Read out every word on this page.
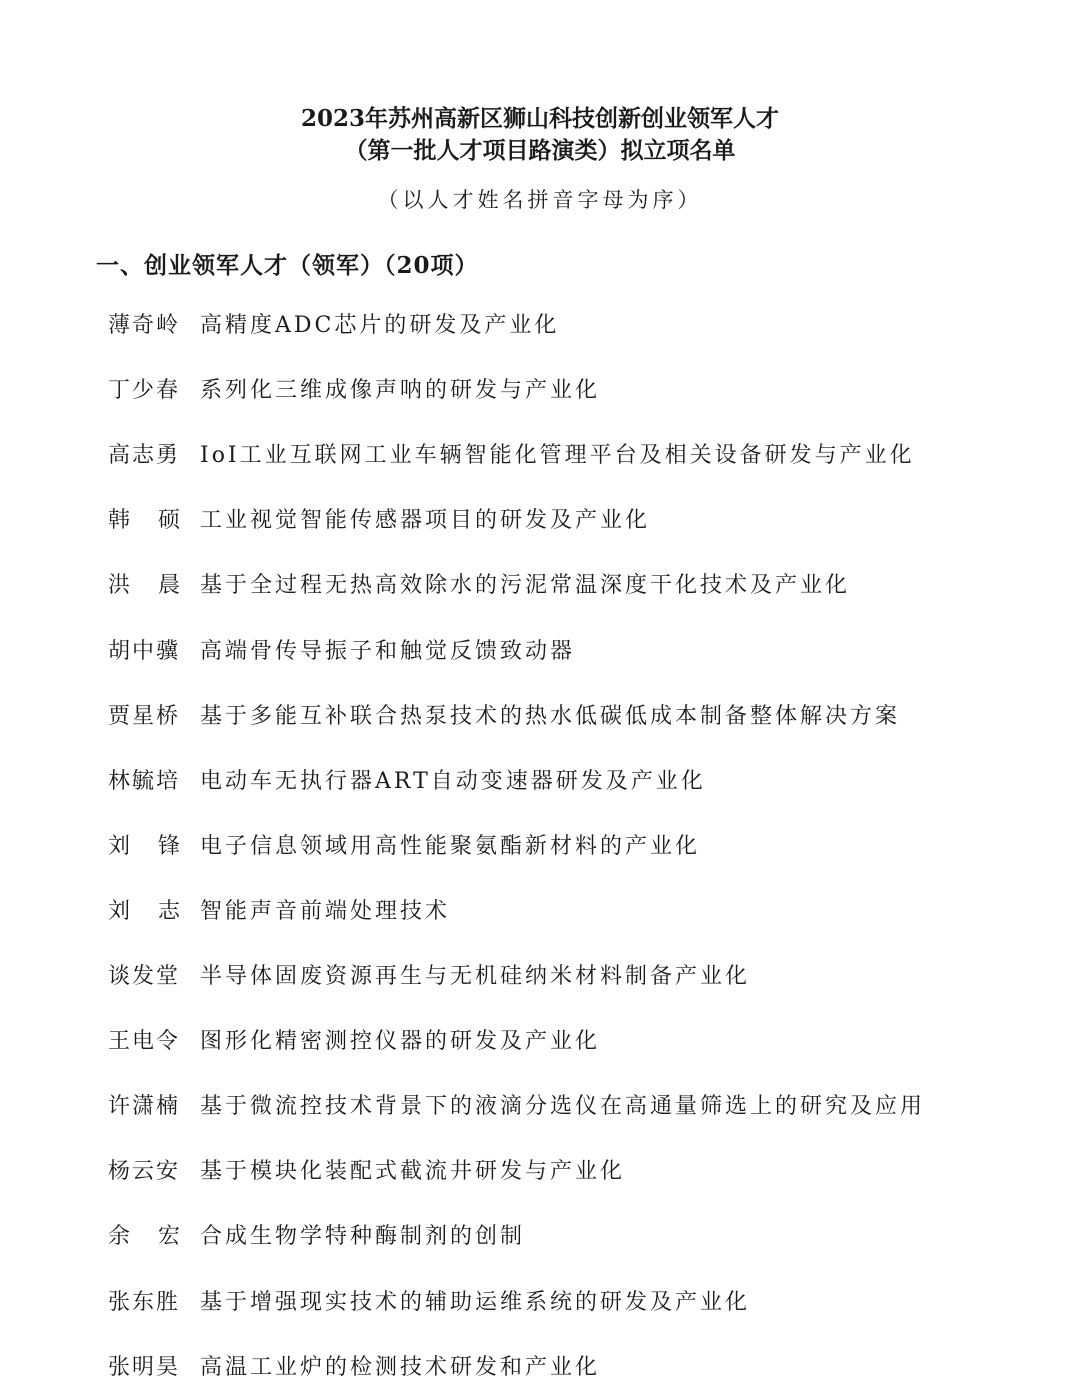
2023年苏州高新区狮山科技创新创业领军人才
（第一批人才项目路演类）拟立项名单
（以人才姓名拼音字母为序）
一、创业领军人才（领军）（20项）
薄奇岭 高精度ADC芯片的研发及产业化
丁少春 系列化三维成像声呐的研发与产业化
高志勇 IoI工业互联网工业车辆智能化管理平台及相关设备研发与产业化
韩 硕 工业视觉智能传感器项目的研发及产业化
洪 晨 基于全过程无热高效除水的污泥常温深度干化技术及产业化
胡中骥 高端骨传导振子和触觉反馈致动器
贾星桥 基于多能互补联合热泵技术的热水低碳低成本制备整体解决方案
林毓培 电动车无执行器ART自动变速器研发及产业化
刘 锋 电子信息领域用高性能聚氨酯新材料的产业化
刘 志 智能声音前端处理技术
谈发堂 半导体固废资源再生与无机硅纳米材料制备产业化
王电令 图形化精密测控仪器的研发及产业化
许潇楠 基于微流控技术背景下的液滴分选仪在高通量筛选上的研究及应用
杨云安 基于模块化装配式截流井研发与产业化
余 宏 合成生物学特种酶制剂的创制
张东胜 基于增强现实技术的辅助运维系统的研发及产业化
张明昊 高温工业炉的检测技术研发和产业化
